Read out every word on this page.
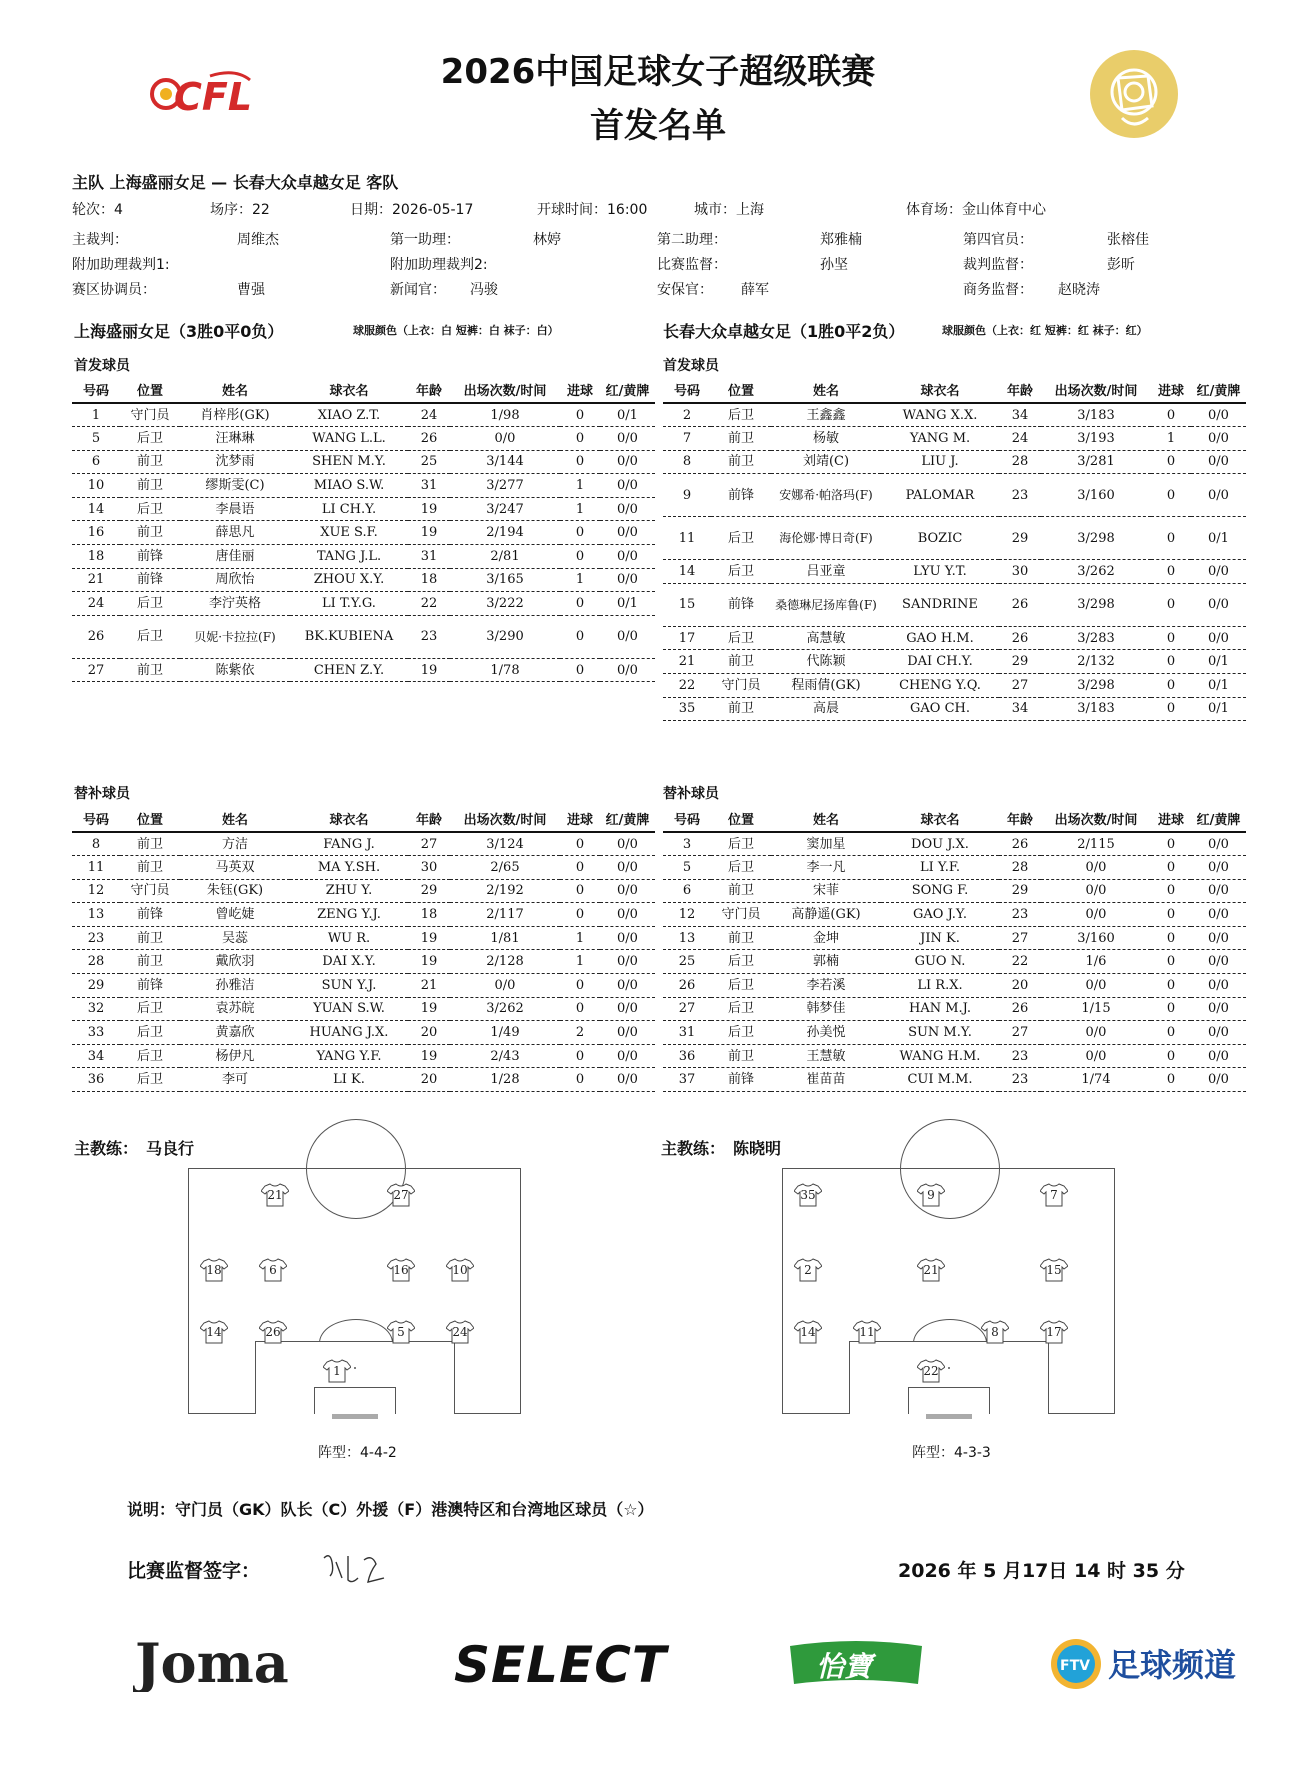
2026中国足球女子超级联赛
首发名单
CFL
主队 上海盛丽女足 — 长春大众卓越女足 客队
轮次：4	场序：22	日期：2026-05-17	开球时间：16:00	城市：上海	体育场：金山体育中心
主裁判：	周维杰	第一助理：	林婷	第二助理：	郑雅楠	第四官员：	张榕佳
附加助理裁判1:	附加助理裁判2:	比赛监督：	孙坚	裁判监督：	彭昕
赛区协调员：	曹强	新闻官： 冯骏	安保官： 薛军	商务监督： 赵晓涛
上海盛丽女足（3胜0平0负）	球服颜色（上衣：白 短裤：白 袜子：白）	长春大众卓越女足（1胜0平2负）	球服颜色（上衣：红 短裤：红 袜子：红）
首发球员	首发球员
号码	位置	姓名	球衣名	年龄	出场次数/时间	进球	红/黄牌
1	守门员	肖梓彤(GK)	XIAO Z.T.	24	1/98	0	0/1
5	后卫	汪琳琳	WANG L.L.	26	0/0	0	0/0
6	前卫	沈梦雨	SHEN M.Y.	25	3/144	0	0/0
10	前卫	缪斯雯(C)	MIAO S.W.	31	3/277	1	0/0
14	后卫	李晨语	LI CH.Y.	19	3/247	1	0/0
16	前卫	薛思凡	XUE S.F.	19	2/194	0	0/0
18	前锋	唐佳丽	TANG J.L.	31	2/81	0	0/0
21	前锋	周欣怡	ZHOU X.Y.	18	3/165	1	0/0
24	后卫	李泞英格	LI T.Y.G.	22	3/222	0	0/1
26	后卫	贝妮·卡拉拉(F)	BK.KUBIENA	23	3/290	0	0/0
27	前卫	陈紫依	CHEN Z.Y.	19	1/78	0	0/0
号码	位置	姓名	球衣名	年龄	出场次数/时间	进球	红/黄牌
2	后卫	王鑫鑫	WANG X.X.	34	3/183	0	0/0
7	前卫	杨敏	YANG M.	24	3/193	1	0/0
8	前卫	刘靖(C)	LIU J.	28	3/281	0	0/0
9	前锋	安娜希·帕洛玛(F)	PALOMAR	23	3/160	0	0/0
11	后卫	海伦娜·博日奇(F)	BOZIC	29	3/298	0	0/1
14	后卫	吕亚童	LYU Y.T.	30	3/262	0	0/0
15	前锋	桑德琳尼扬库鲁(F)	SANDRINE	26	3/298	0	0/0
17	后卫	高慧敏	GAO H.M.	26	3/283	0	0/0
21	前卫	代陈颖	DAI CH.Y.	29	2/132	0	0/1
22	守门员	程雨倩(GK)	CHENG Y.Q.	27	3/298	0	0/1
35	前卫	高晨	GAO CH.	34	3/183	0	0/1
替补球员	替补球员
号码	位置	姓名	球衣名	年龄	出场次数/时间	进球	红/黄牌
8	前卫	方洁	FANG J.	27	3/124	0	0/0
11	前卫	马英双	MA Y.SH.	30	2/65	0	0/0
12	守门员	朱钰(GK)	ZHU Y.	29	2/192	0	0/0
13	前锋	曾屹婕	ZENG Y.J.	18	2/117	0	0/0
23	前卫	吴蕊	WU R.	19	1/81	1	0/0
28	前卫	戴欣羽	DAI X.Y.	19	2/128	1	0/0
29	前锋	孙雅洁	SUN Y.J.	21	0/0	0	0/0
32	后卫	袁苏皖	YUAN S.W.	19	3/262	0	0/0
33	后卫	黄嘉欣	HUANG J.X.	20	1/49	2	0/0
34	后卫	杨伊凡	YANG Y.F.	19	2/43	0	0/0
36	后卫	李可	LI K.	20	1/28	0	0/0
号码	位置	姓名	球衣名	年龄	出场次数/时间	进球	红/黄牌
3	后卫	窦加星	DOU J.X.	26	2/115	0	0/0
5	后卫	李一凡	LI Y.F.	28	0/0	0	0/0
6	前卫	宋菲	SONG F.	29	0/0	0	0/0
12	守门员	高静遥(GK)	GAO J.Y.	23	0/0	0	0/0
13	前卫	金坤	JIN K.	27	3/160	0	0/0
25	后卫	郭楠	GUO N.	22	1/6	0	0/0
26	后卫	李若溪	LI R.X.	20	0/0	0	0/0
27	后卫	韩梦佳	HAN M.J.	26	1/15	0	0/0
31	后卫	孙美悦	SUN M.Y.	27	0/0	0	0/0
36	前卫	王慧敏	WANG H.M.	23	0/0	0	0/0
37	前锋	崔苗苗	CUI M.M.	23	1/74	0	0/0
主教练： 马良行	主教练： 陈晓明
21	27
18	6	16	10
14	26	5	24
1
35	9	7
2	21	15
14	11	8	17
22
阵型：4-4-2	阵型：4-3-3
说明：守门员（GK）队长（C）外援（F）港澳特区和台湾地区球员（☆）
比赛监督签字：	2026 年 5 月17日 14 时 35 分
Joma	SELECT	怡寶	FTV 足球频道
